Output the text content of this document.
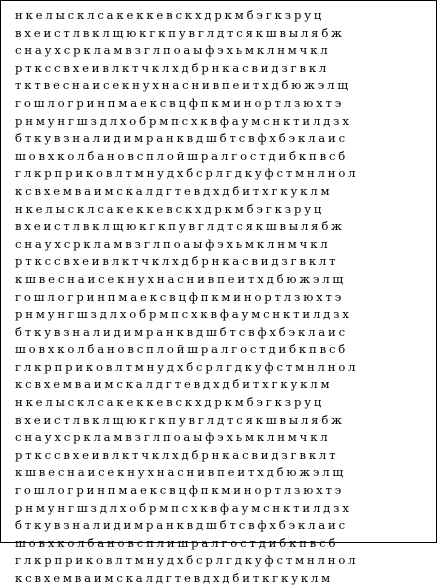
нкелысклсакеккевскхдркмбэгкзруц
вхеистлвклщюкгкпувглдтсякшвылябж
снаухсркламвзглпоаыфэхьмклнмчкл
рткссвхеивлктчклхдбрнкасвидзгвкл
тктвеснаисекнухнаснивпеитхдбюжэлщ
гошлогринпмаексвцфпкминортлзюхтэ
рнмунгшздлхобрмпсхквфаумснктилдзх
бткувзналидимранквдшбтсвфхбэклаис
шовхколбановсплойшралгостдибкпвсб
глкрприковлтмнудхбсрлгдкуфстмнлнол
ксвхемваимскалдгтевдхдбитхгкуклм
нкелысклсакеккевскхдркмбэгкзруц
вхеистлвклщюкгкпувглдтсякшвылябж
снаухсркламвзглпоаыфэхьмклнмчкл
рткссвхеивлктчклхдбрнкасвидзгвклт
кшвеснаисекнухнаснивпеитхдбюжэлщ
гошлогринпмаексвцфпкминортлзюхтэ
рнмунгшздлхобрмпсхквфаумснктилдзх
бткувзналидимранквдшбтсвфхбэклаис
шовхколбановсплойшралгостдибкпвсб
глкрприковлтмнудхбсрлгдкуфстмнлнол
ксвхемваимскалдгтевдхдбитхгкуклм
нкелысклсакеккевскхдркмбэгкзруц
вхеистлвклщюкгкпувглдтсякшвылябж
снаухсркламвзглпоаыфэхьмклнмчкл
рткссвхеивлктчклхдбрнкасвидзгвклт
кшвеснаисекнухнаснивпеитхдбюжэлщ
гошлогринпмаексвцфпкминортлзюхтэ
рнмунгшздлхобрмпсхквфаумснктилдзх
бткувзналидимранквдшбтсвфхбэклаис
шовхколбановсплишралгостдибкпвсб
глкрприковлтмнудхбсрлгдкуфстмнлнол
ксвхемваимскалдгтевдхдбиткгкуклм
